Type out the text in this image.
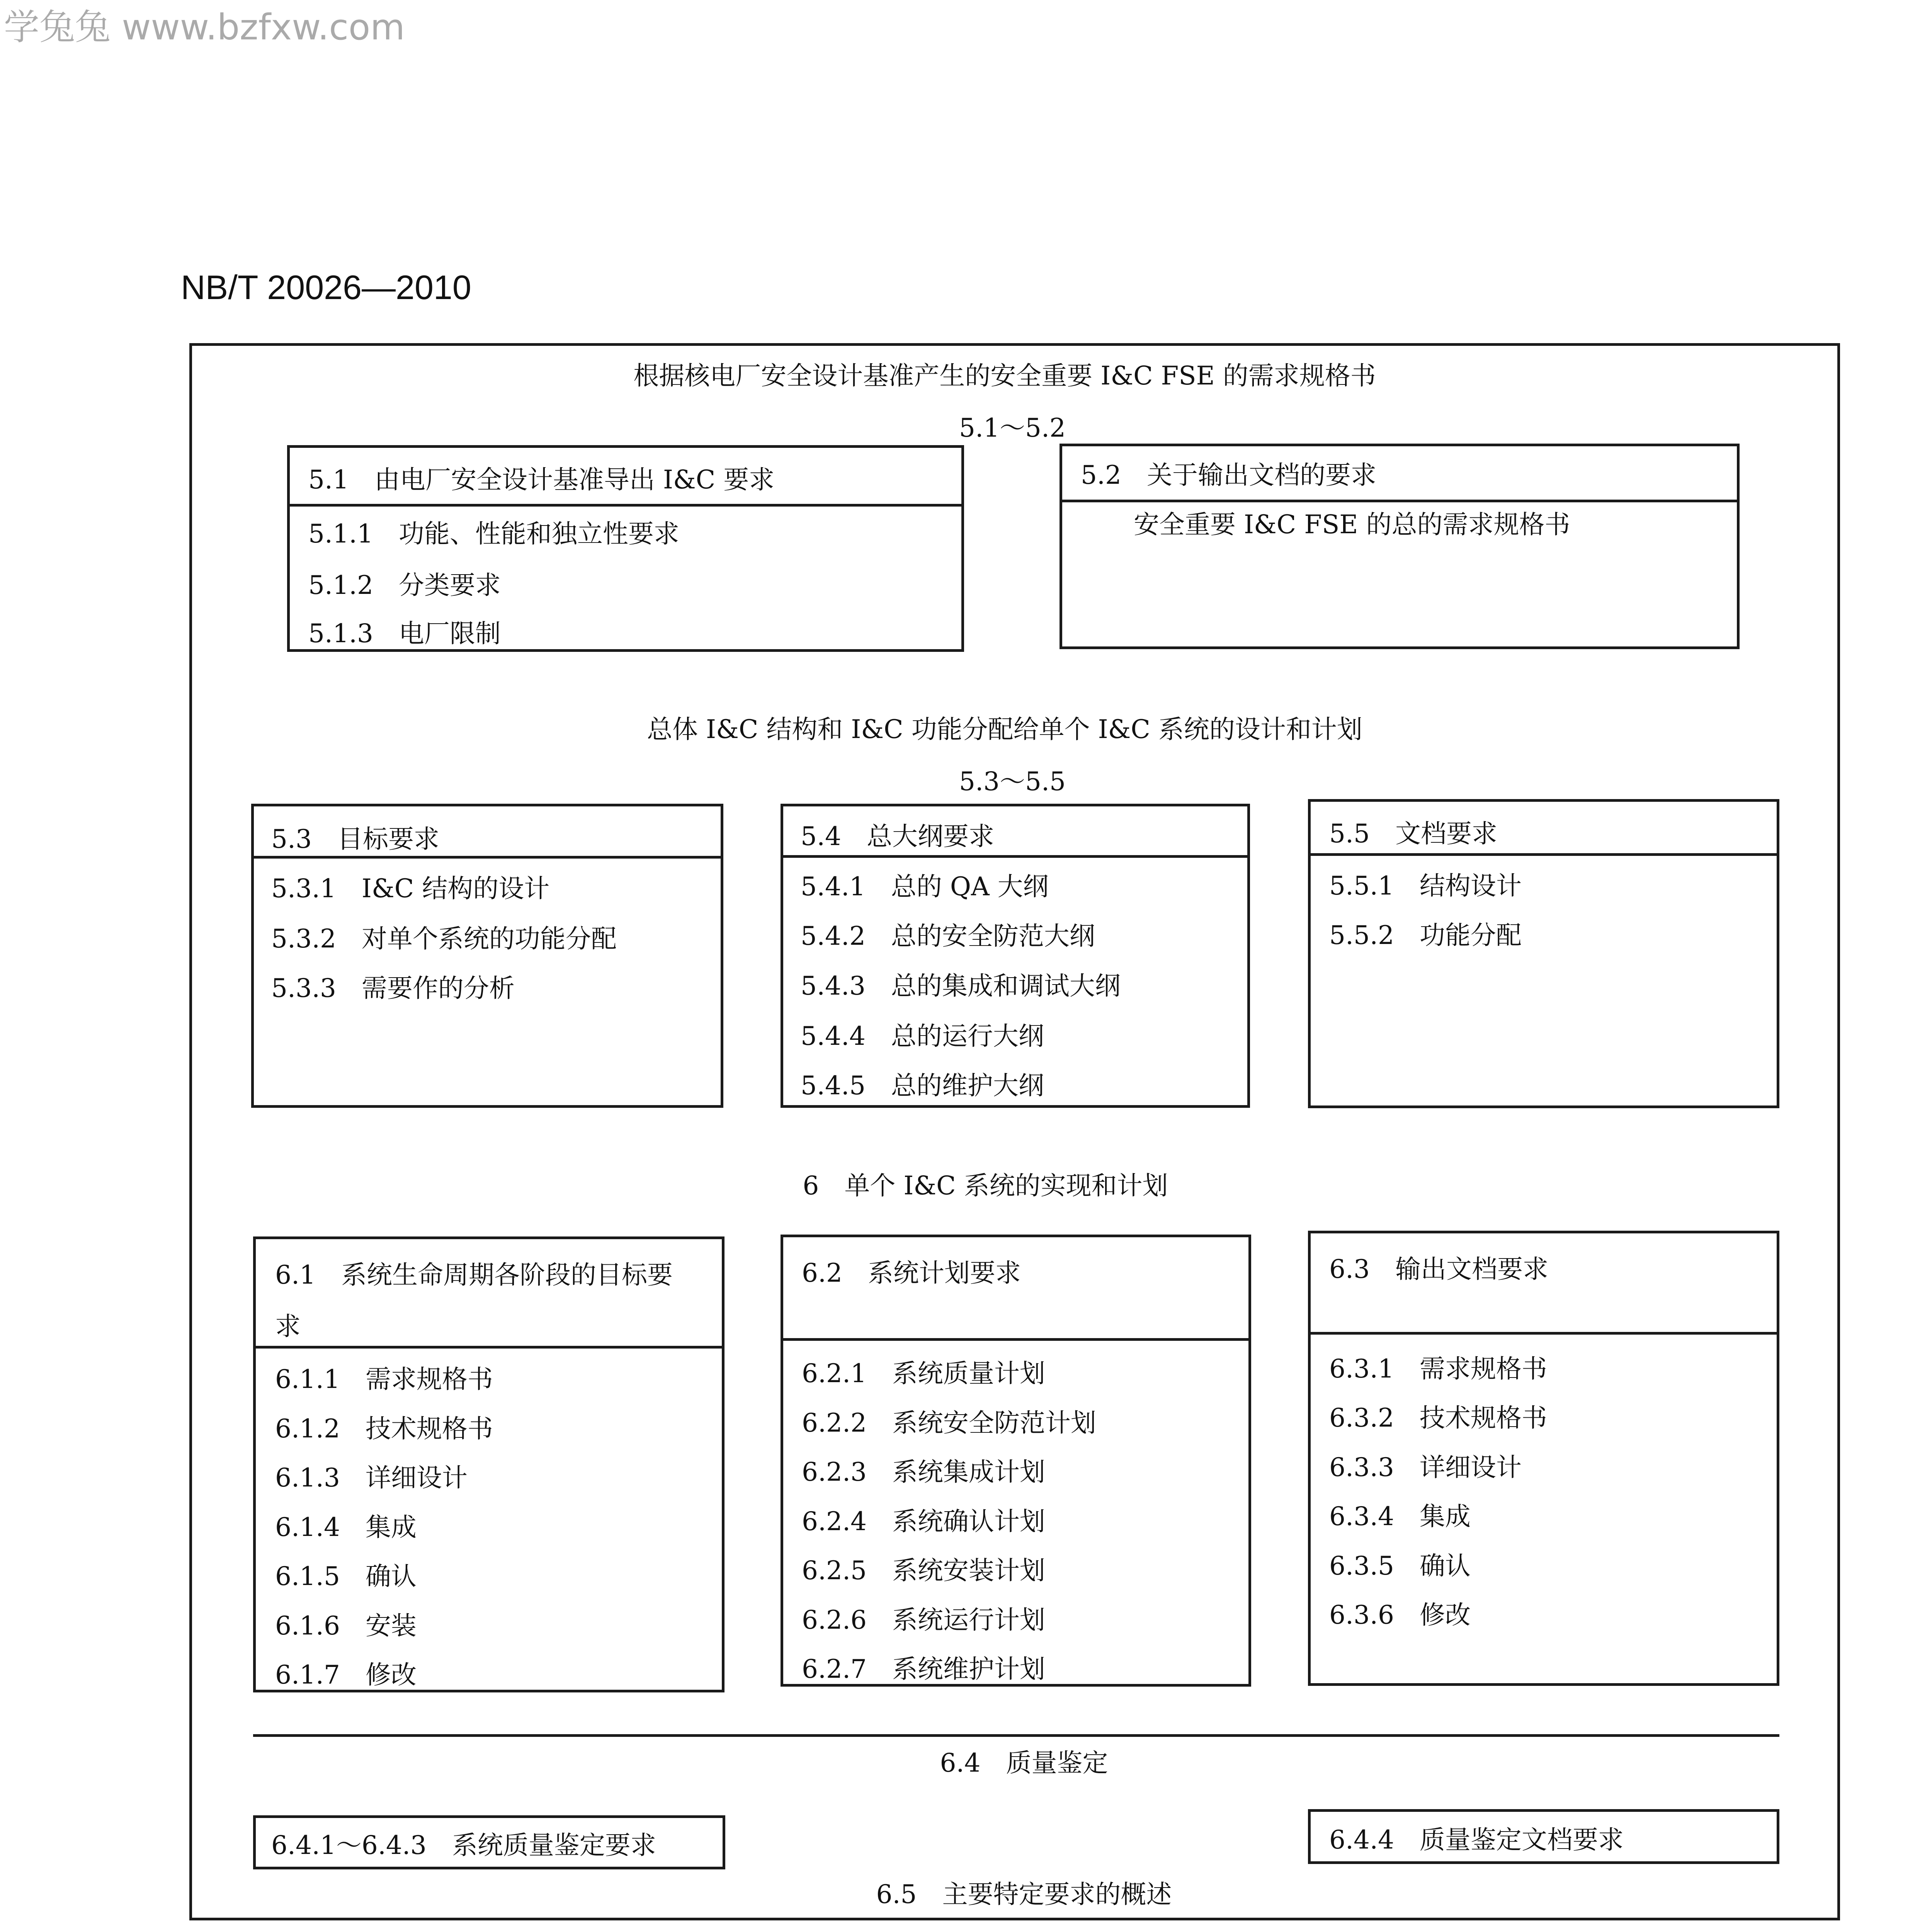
学兔兔 www.bzfxw.com
NB/T 20026—2010
根据核电厂安全设计基准产生的安全重要 I&C FSE 的需求规格书
5.1～5.2
5.1　由电厂安全设计基准导出 I&C 要求
5.1.1　功能、性能和独立性要求
5.1.2　分类要求
5.1.3　电厂限制
5.2　关于输出文档的要求
安全重要 I&C FSE 的总的需求规格书
总体 I&C 结构和 I&C 功能分配给单个 I&C 系统的设计和计划
5.3～5.5
5.3　目标要求
5.3.1　I&C 结构的设计
5.3.2　对单个系统的功能分配
5.3.3　需要作的分析
5.4　总大纲要求
5.4.1　总的 QA 大纲
5.4.2　总的安全防范大纲
5.4.3　总的集成和调试大纲
5.4.4　总的运行大纲
5.4.5　总的维护大纲
5.5　文档要求
5.5.1　结构设计
5.5.2　功能分配
6　单个 I&C 系统的实现和计划
6.1　系统生命周期各阶段的目标要
求
6.1.1　需求规格书
6.1.2　技术规格书
6.1.3　详细设计
6.1.4　集成
6.1.5　确认
6.1.6　安装
6.1.7　修改
6.2　系统计划要求
6.2.1　系统质量计划
6.2.2　系统安全防范计划
6.2.3　系统集成计划
6.2.4　系统确认计划
6.2.5　系统安装计划
6.2.6　系统运行计划
6.2.7　系统维护计划
6.3　输出文档要求
6.3.1　需求规格书
6.3.2　技术规格书
6.3.3　详细设计
6.3.4　集成
6.3.5　确认
6.3.6　修改
6.4　质量鉴定
6.4.1～6.4.3　系统质量鉴定要求	6.4.4　质量鉴定文档要求
6.5　主要特定要求的概述
